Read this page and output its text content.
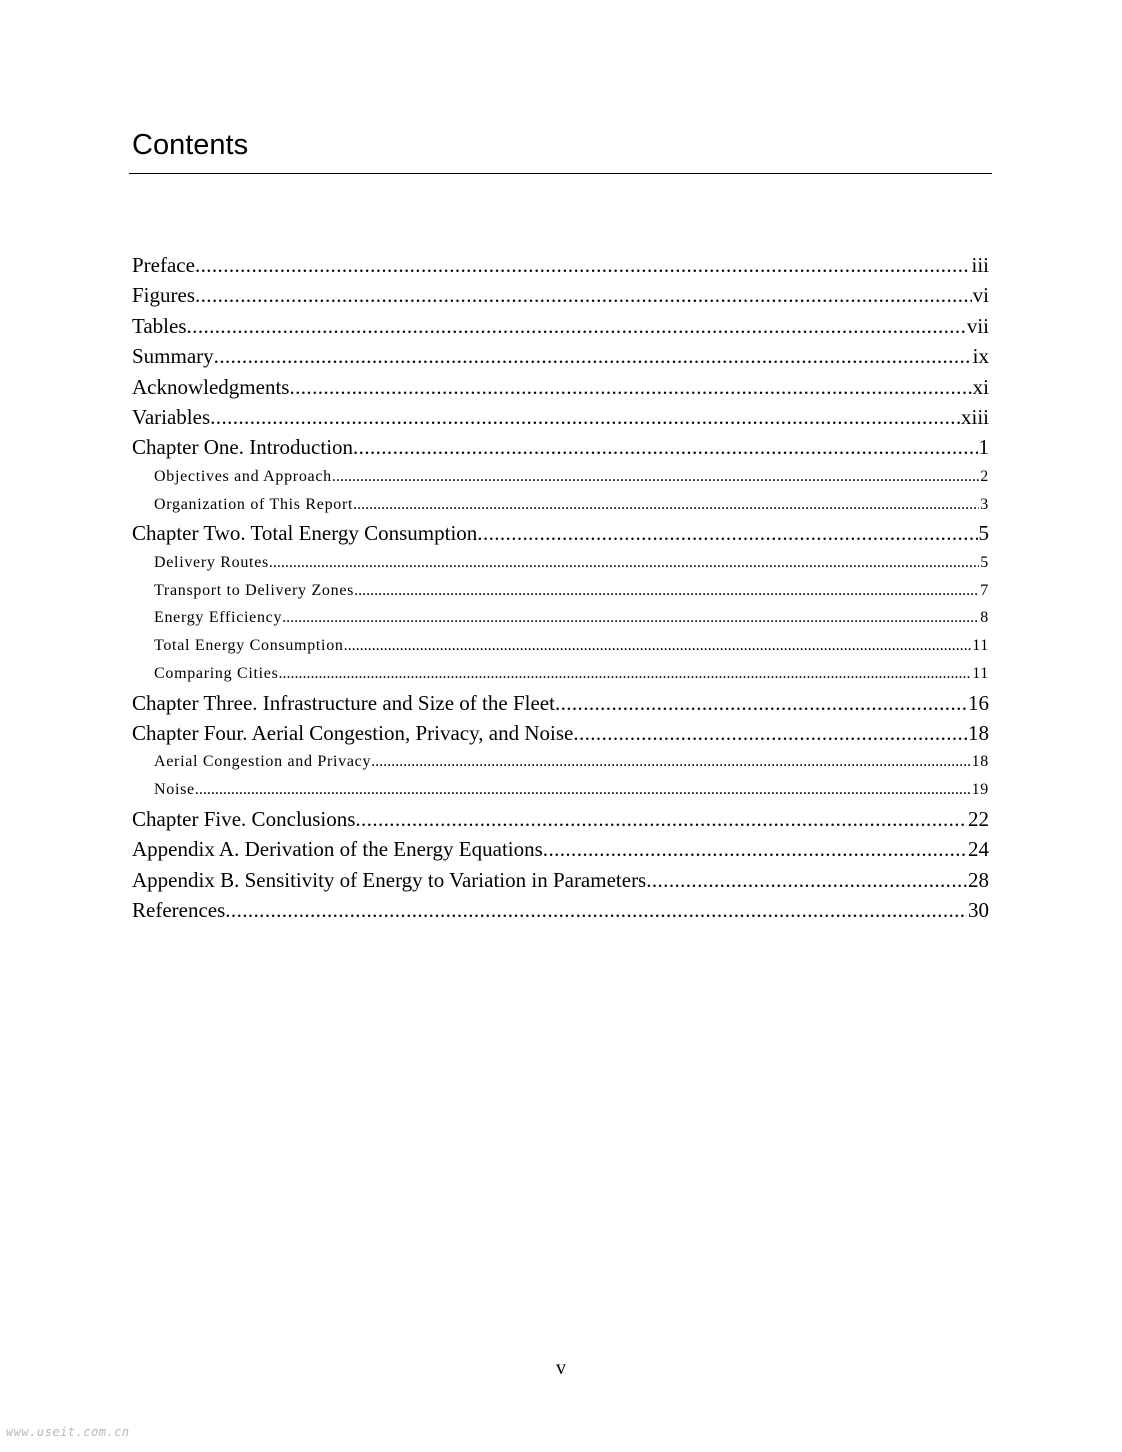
Contents
Preface .....	iii
Figures .....	vi
Tables .....	vii
Summary .....	ix
Acknowledgments .....	xi
Variables .....	xiii
Chapter One. Introduction .....	1
Objectives and Approach .....	2
Organization of This Report .....	3
Chapter Two. Total Energy Consumption .....	5
Delivery Routes .....	5
Transport to Delivery Zones .....	7
Energy Efficiency .....	8
Total Energy Consumption .....	11
Comparing Cities .....	11
Chapter Three. Infrastructure and Size of the Fleet .....	16
Chapter Four. Aerial Congestion, Privacy, and Noise .....	18
Aerial Congestion and Privacy .....	18
Noise .....	19
Chapter Five. Conclusions .....	22
Appendix A. Derivation of the Energy Equations .....	24
Appendix B. Sensitivity of Energy to Variation in Parameters .....	28
References .....	30
v
www.useit.com.cn
